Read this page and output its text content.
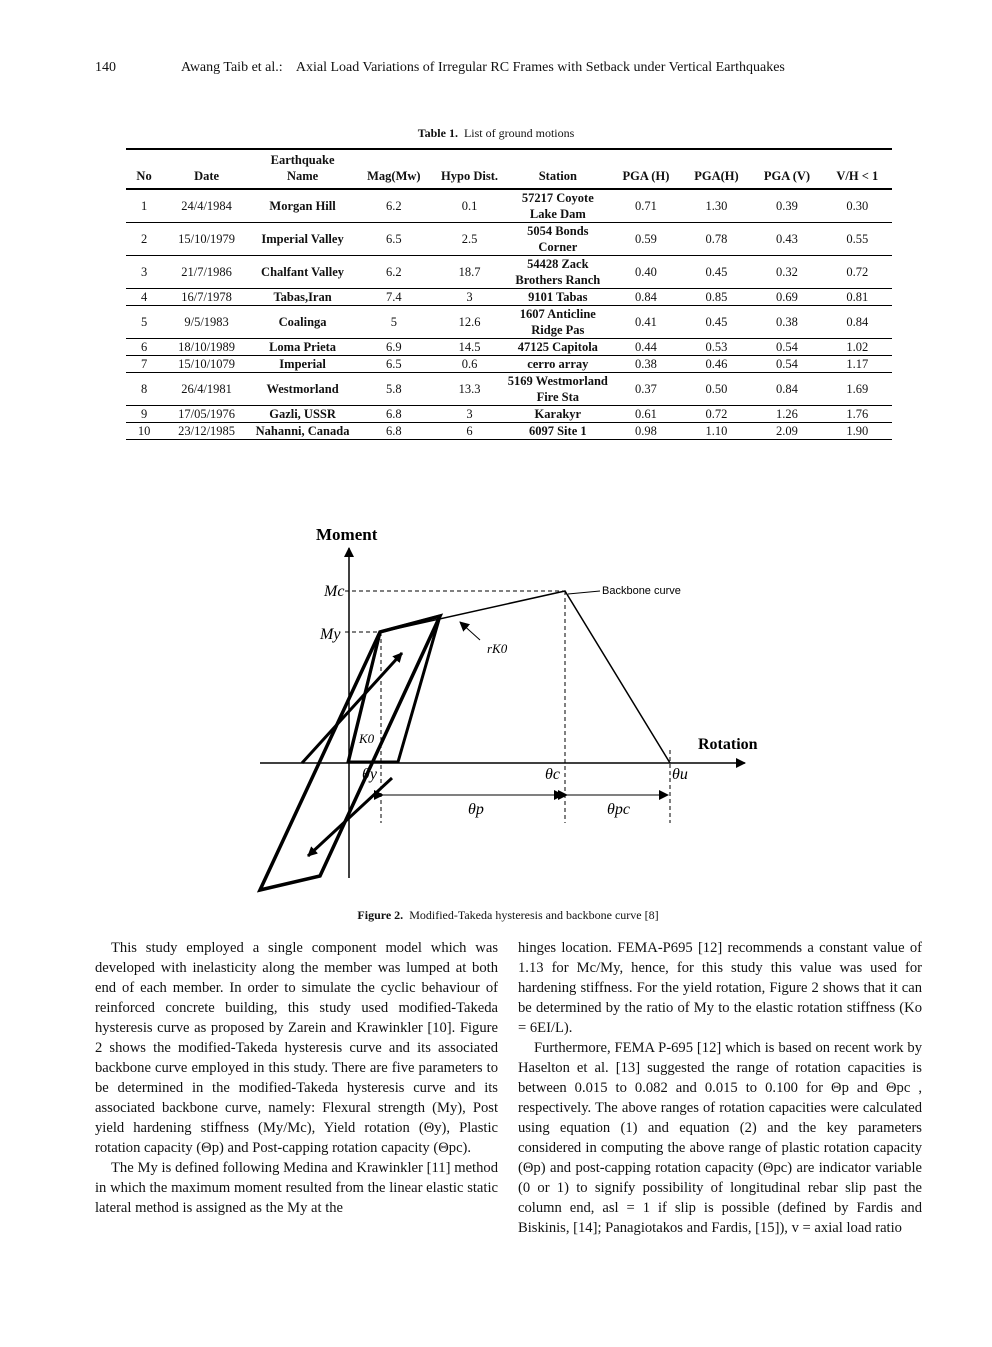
140	Awang Taib et al.:    Axial Load Variations of Irregular RC Frames with Setback under Vertical Earthquakes
Table 1. List of ground motions
No	Date	Earthquake Name	Mag(Mw)	Hypo Dist.	Station	PGA (H)	PGA(H)	PGA (V)	V/H < 1
1	24/4/1984	Morgan Hill	6.2	0.1	57217 Coyote Lake Dam	0.71	1.30	0.39	0.30
2	15/10/1979	Imperial Valley	6.5	2.5	5054 Bonds Corner	0.59	0.78	0.43	0.55
3	21/7/1986	Chalfant Valley	6.2	18.7	54428 Zack Brothers Ranch	0.40	0.45	0.32	0.72
4	16/7/1978	Tabas,Iran	7.4	3	9101 Tabas	0.84	0.85	0.69	0.81
5	9/5/1983	Coalinga	5	12.6	1607 Anticline Ridge Pas	0.41	0.45	0.38	0.84
6	18/10/1989	Loma Prieta	6.9	14.5	47125 Capitola	0.44	0.53	0.54	1.02
7	15/10/1079	Imperial	6.5	0.6	cerro array	0.38	0.46	0.54	1.17
8	26/4/1981	Westmorland	5.8	13.3	5169 Westmorland Fire Sta	0.37	0.50	0.84	1.69
9	17/05/1976	Gazli, USSR	6.8	3	Karakyr	0.61	0.72	1.26	1.76
10	23/12/1985	Nahanni, Canada	6.8	6	6097 Site 1	0.98	1.10	2.09	1.90
Moment
Rotation
Backbone curve
Mc
My
rK0
K0
θy	θc	θu
θp	θpc
Figure 2. Modified-Takeda hysteresis and backbone curve [8]

This study employed a single component model which was developed with inelasticity along the member was lumped at both end of each member. In order to simulate the cyclic behaviour of reinforced concrete building, this study used modified-Takeda hysteresis curve as proposed by Zarein and Krawinkler [10]. Figure 2 shows the modified-Takeda hysteresis curve and its associated backbone curve employed in this study. There are five parameters to be determined in the modified-Takeda hysteresis curve and its associated backbone curve, namely: Flexural strength (My), Post yield hardening stiffness (My/Mc), Yield rotation (Θy), Plastic rotation capacity (Θp) and Post-capping rotation capacity (Θpc).

The My is defined following Medina and Krawinkler [11] method in which the maximum moment resulted from the linear elastic static lateral method is assigned as the My at the

hinges location. FEMA-P695 [12] recommends a constant value of 1.13 for Mc/My, hence, for this study this value was used for hardening stiffness. For the yield rotation, Figure 2 shows that it can be determined by the ratio of My to the elastic rotation stiffness (Ko = 6EI/L).

Furthermore, FEMA P-695 [12] which is based on recent work by Haselton et al. [13] suggested the range of rotation capacities is between 0.015 to 0.082 and 0.015 to 0.100 for Θp and Θpc , respectively. The above ranges of rotation capacities were calculated using equation (1) and equation (2) and the key parameters considered in computing the above range of plastic rotation capacity (Θp) and post-capping rotation capacity (Θpc) are indicator variable (0 or 1) to signify possibility of longitudinal rebar slip past the column end, asl = 1 if slip is possible (defined by Fardis and Biskinis, [14]; Panagiotakos and Fardis, [15]), v = axial load ratio
